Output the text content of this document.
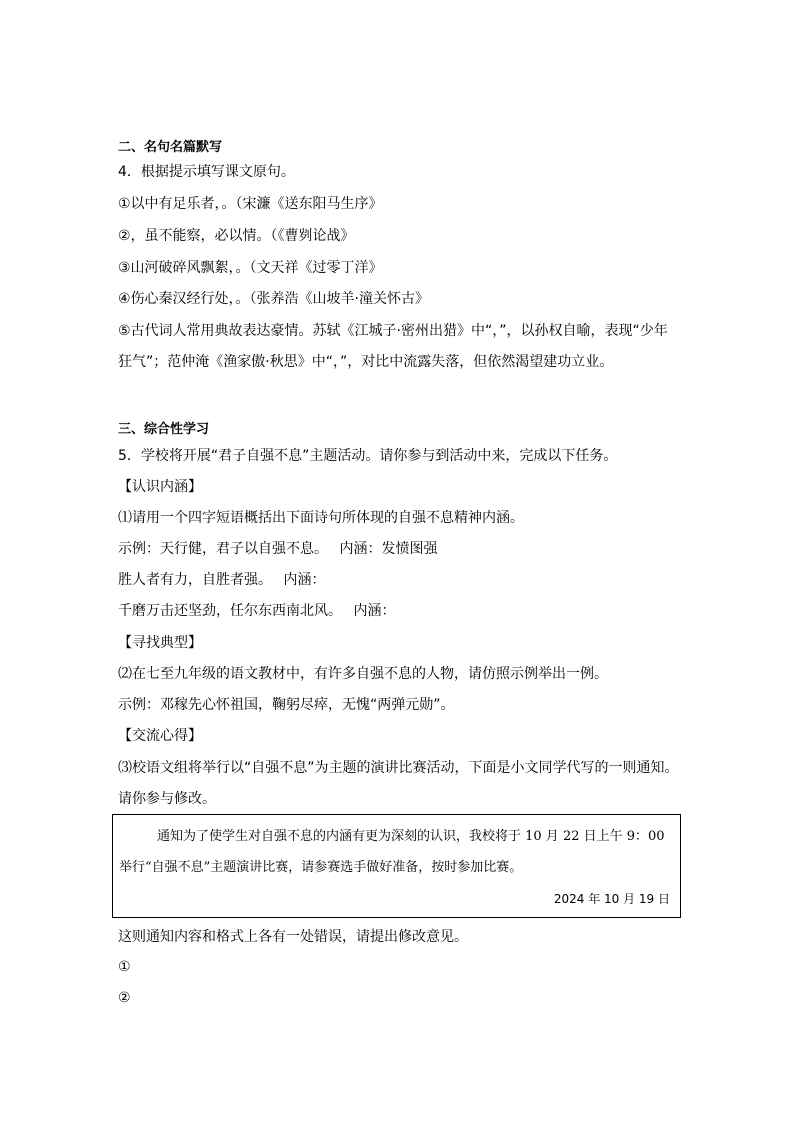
二、名句名篇默写
4．根据提示填写课文原句。
①以中有足乐者，。（宋濂《送东阳马生序》
②，虽不能察，必以情。（《曹刿论战》
③山河破碎风飘絮，。（文天祥《过零丁洋》
④伤心秦汉经行处，。（张养浩《山坡羊·潼关怀古》
⑤古代词人常用典故表达豪情。苏轼《江城子·密州出猎》中“，”，以孙权自喻，表现“少年
狂气”；范仲淹《渔家傲·秋思》中“，”，对比中流露失落，但依然渴望建功立业。
三、综合性学习
5．学校将开展“君子自强不息”主题活动。请你参与到活动中来，完成以下任务。
【认识内涵】
⑴请用一个四字短语概括出下面诗句所体现的自强不息精神内涵。
示例：天行健，君子以自强不息。　 内涵：发愤图强
胜人者有力，自胜者强。　 内涵：
千磨万击还坚劲，任尔东西南北风。　 内涵：
【寻找典型】
⑵在七至九年级的语文教材中，有许多自强不息的人物，请仿照示例举出一例。
示例：邓稼先心怀祖国，鞠躬尽瘁，无愧“两弹元勋”。
【交流心得】
⑶校语文组将举行以“自强不息”为主题的演讲比赛活动，下面是小文同学代写的一则通知。
请你参与修改。
通知为了使学生对自强不息的内涵有更为深刻的认识，我校将于 10 月 22 日上午 9：00
举行“自强不息”主题演讲比赛，请参赛选手做好准备，按时参加比赛。
2024 年 10 月 19 日
这则通知内容和格式上各有一处错误，请提出修改意见。
①
②
